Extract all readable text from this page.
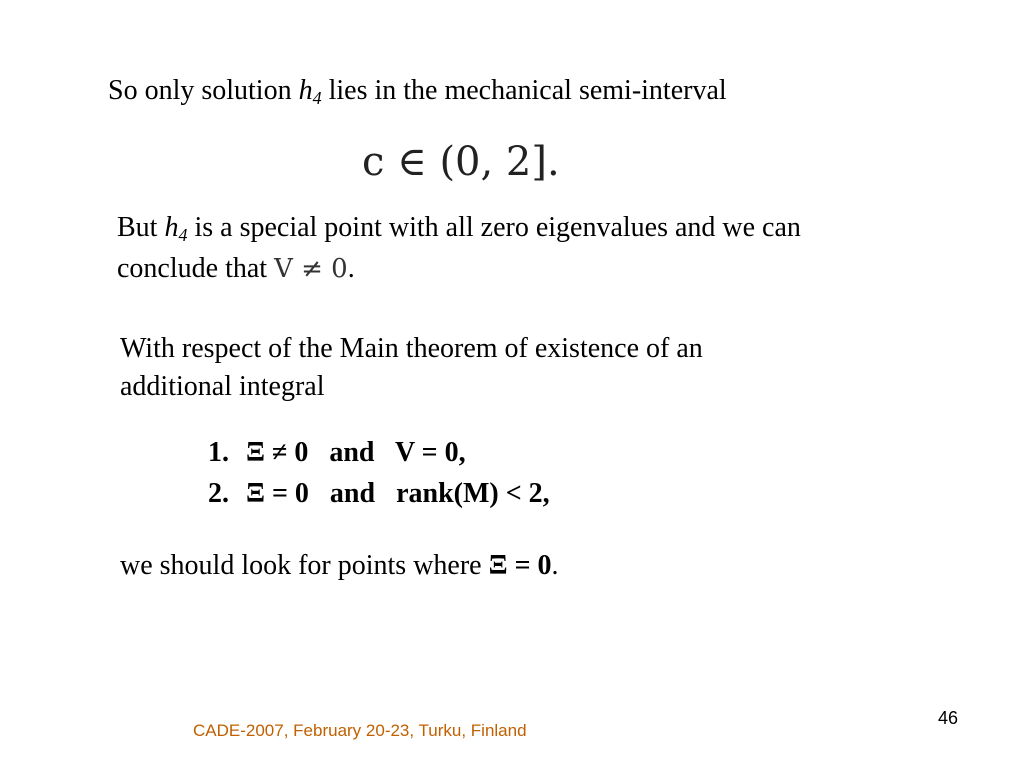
So only solution $h_4$ lies in the mechanical semi-interval
c ∈ (0, 2].
But $h_4$ is a special point with all zero eigenvalues and we can
conclude that V ≠ 0.
With respect of the Main theorem of existence of an
additional integral
1. Ξ ≠ 0   and   V = 0,
2. Ξ = 0   and   rank(M) < 2,
we should look for points where Ξ = 0.
46
CADE-2007, February 20-23, Turku, Finland
